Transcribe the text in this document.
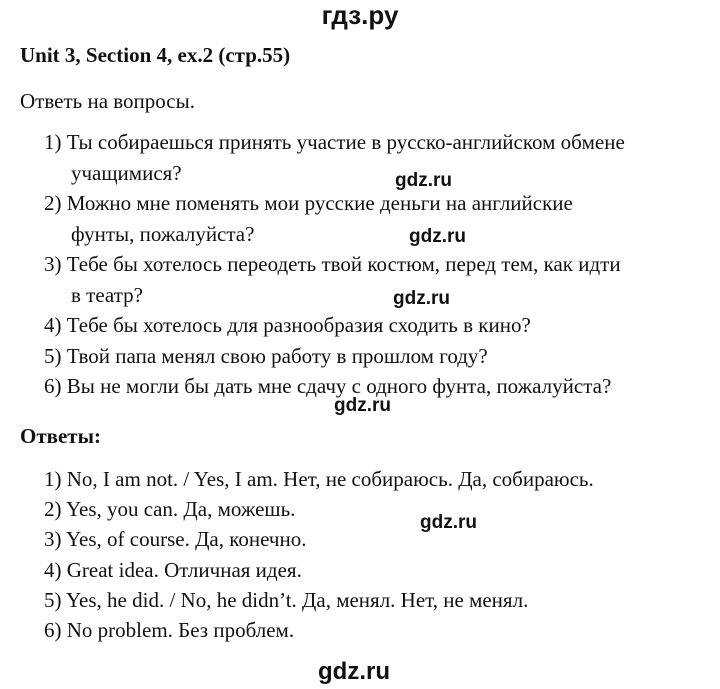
гдз.ру
Unit 3, Section 4, ex.2 (стр.55)
Ответь на вопросы.
1) Ты собираешься принять участие в русско-английском обмене
учащимися?
2) Можно мне поменять мои русские деньги на английские
фунты, пожалуйста?
3) Тебе бы хотелось переодеть твой костюм, перед тем, как идти
в театр?
4) Тебе бы хотелось для разнообразия сходить в кино?
5) Твой папа менял свою работу в прошлом году?
6) Вы не могли бы дать мне сдачу с одного фунта, пожалуйста?
Ответы:
1) No, I am not. / Yes, I am. Нет, не собираюсь. Да, собираюсь.
2) Yes, you can. Да, можешь.
3) Yes, of course. Да, конечно.
4) Great idea. Отличная идея.
5) Yes, he did. / No, he didn’t. Да, менял. Нет, не менял.
6) No problem. Без проблем.
gdz.ru
gdz.ru
gdz.ru
gdz.ru
gdz.ru
gdz.ru
